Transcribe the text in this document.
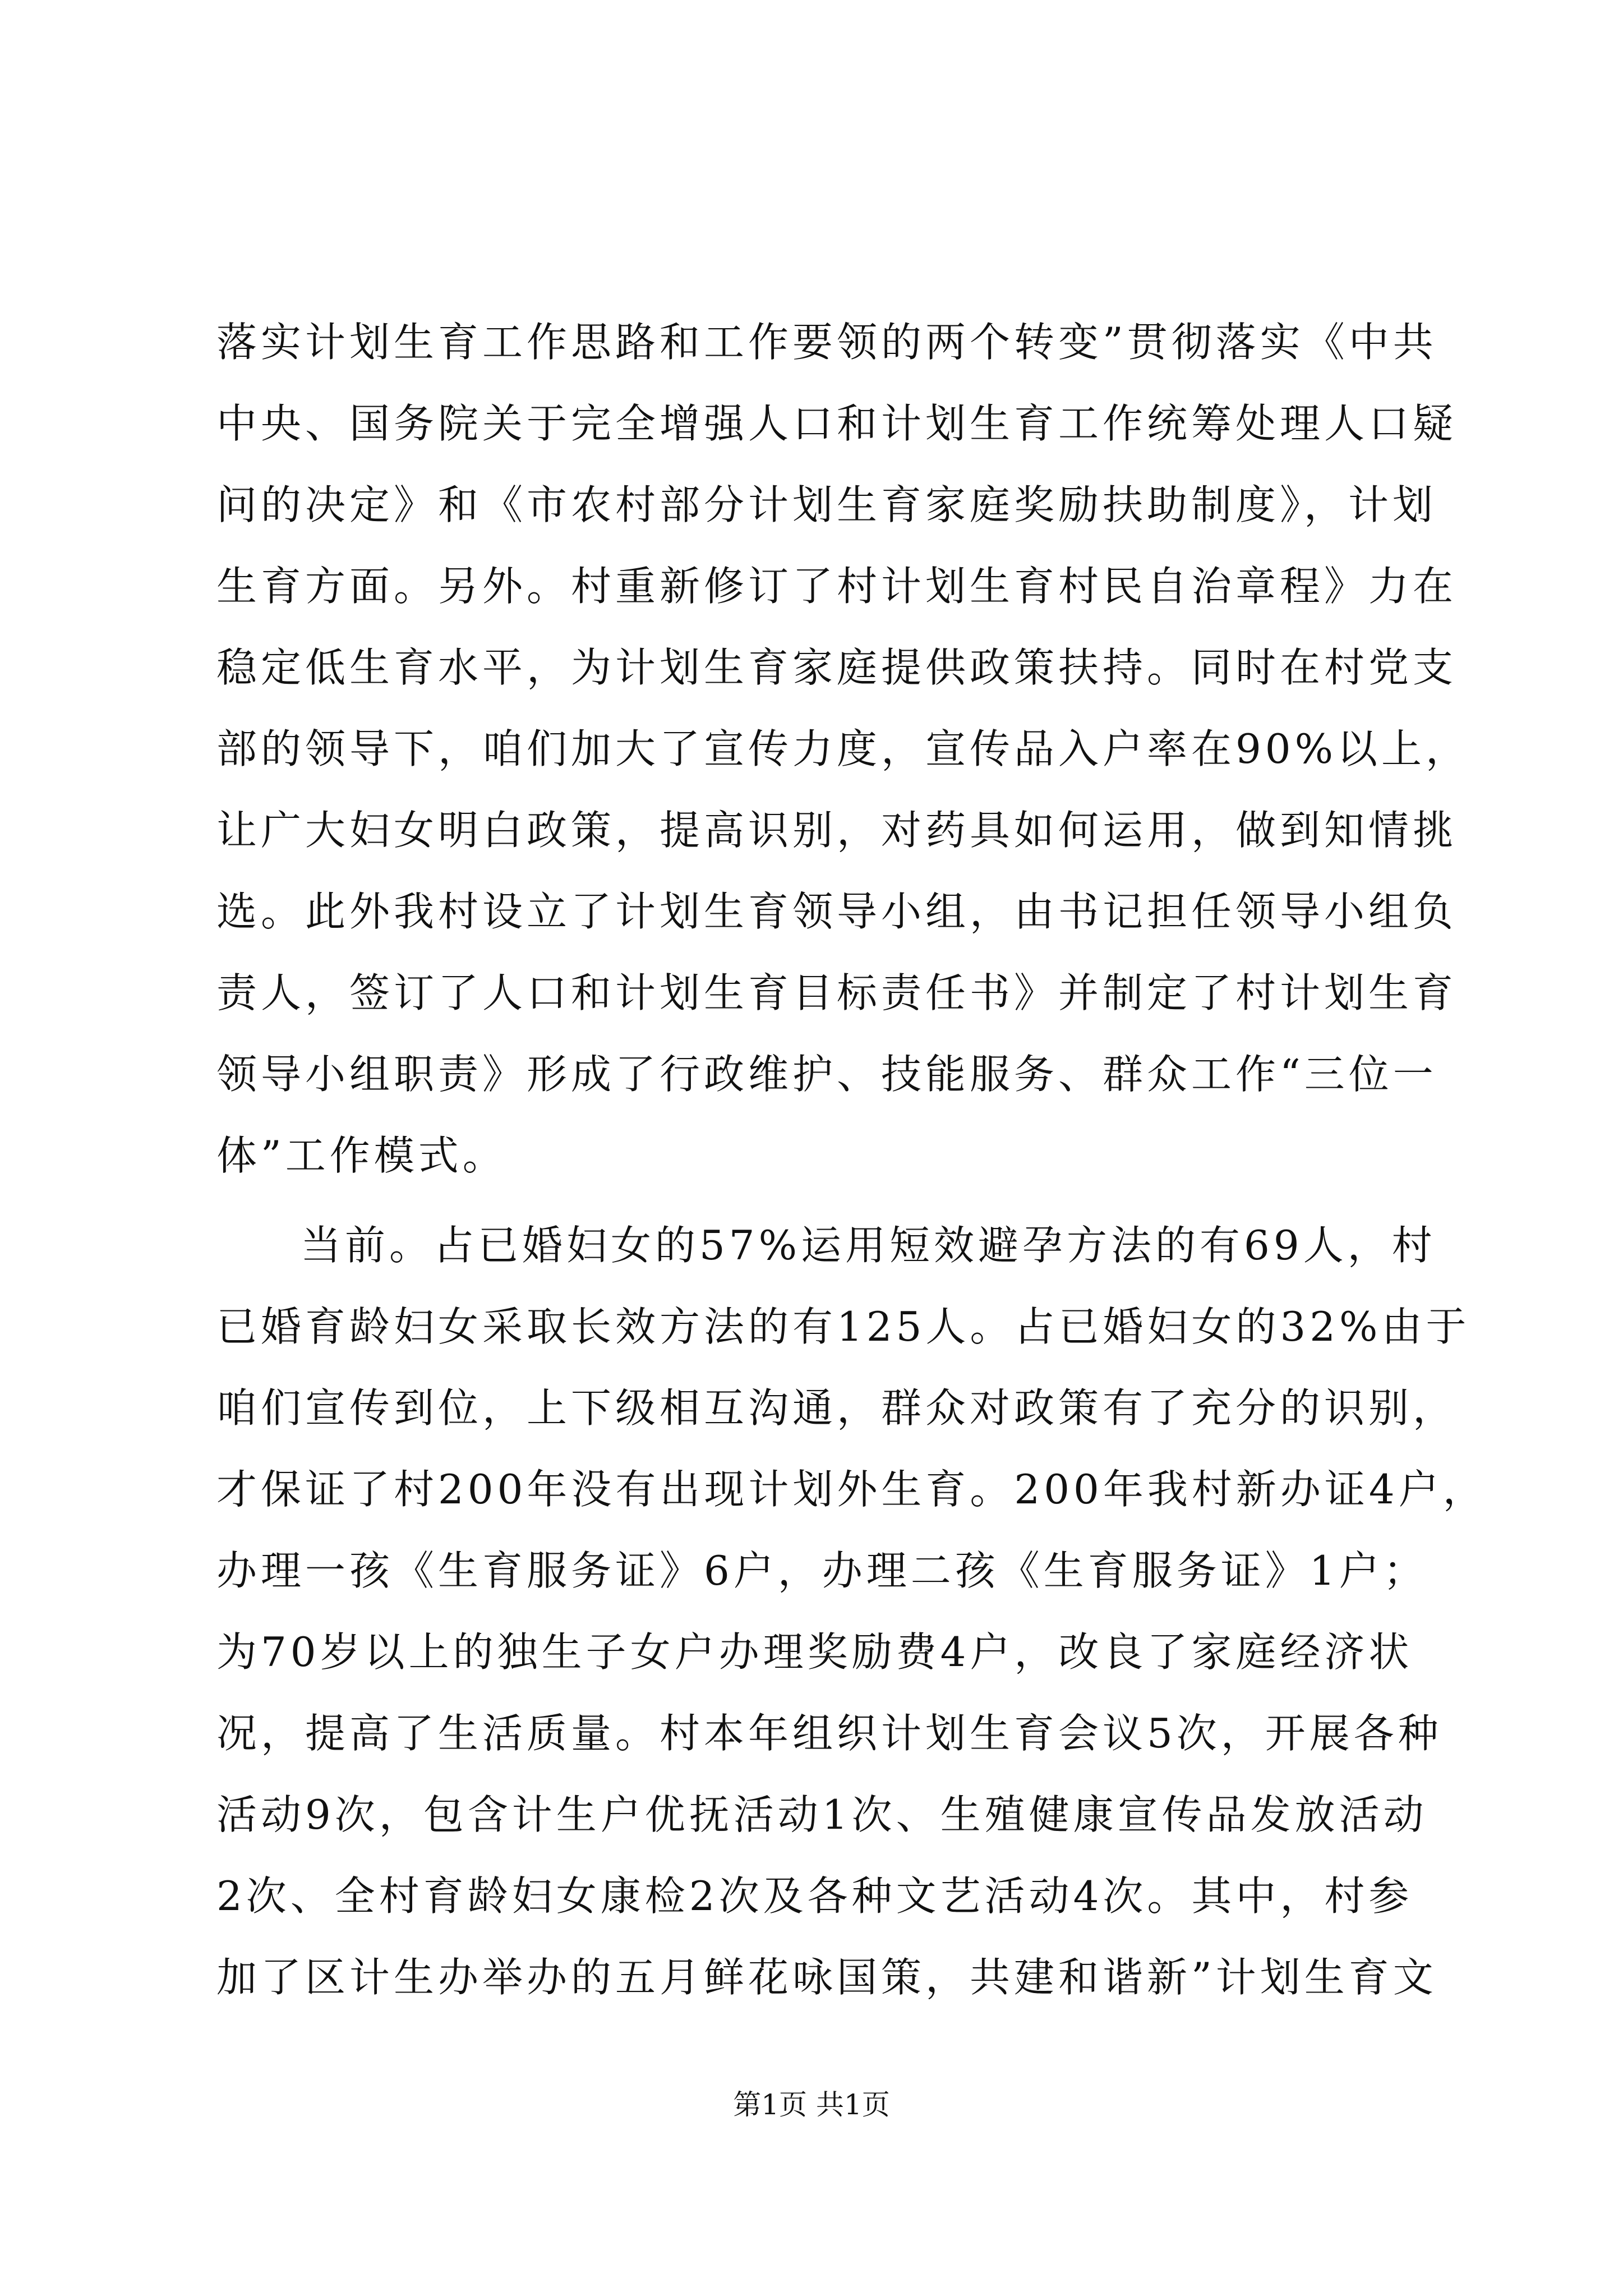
落实计划生育工作思路和工作要领的两个转变”贯彻落实《中共
中央、国务院关于完全增强人口和计划生育工作统筹处理人口疑
问的决定》和《市农村部分计划生育家庭奖励扶助制度》，计划
生育方面。另外。村重新修订了村计划生育村民自治章程》力在
稳定低生育水平，为计划生育家庭提供政策扶持。同时在村党支
部的领导下，咱们加大了宣传力度，宣传品入户率在90%以上，
让广大妇女明白政策，提高识别，对药具如何运用，做到知情挑
选。此外我村设立了计划生育领导小组，由书记担任领导小组负
责人，签订了人口和计划生育目标责任书》并制定了村计划生育
领导小组职责》形成了行政维护、技能服务、群众工作“三位一
体”工作模式。
当前。占已婚妇女的57%运用短效避孕方法的有69人，村
已婚育龄妇女采取长效方法的有125人。占已婚妇女的32%由于
咱们宣传到位，上下级相互沟通，群众对政策有了充分的识别，
才保证了村200年没有出现计划外生育。200年我村新办证4户，
办理一孩《生育服务证》6户，办理二孩《生育服务证》1户；
为70岁以上的独生子女户办理奖励费4户，改良了家庭经济状
况，提高了生活质量。村本年组织计划生育会议5次，开展各种
活动9次，包含计生户优抚活动1次、生殖健康宣传品发放活动
2次、全村育龄妇女康检2次及各种文艺活动4次。其中，村参
加了区计生办举办的五月鲜花咏国策，共建和谐新”计划生育文
第1页 共1页
